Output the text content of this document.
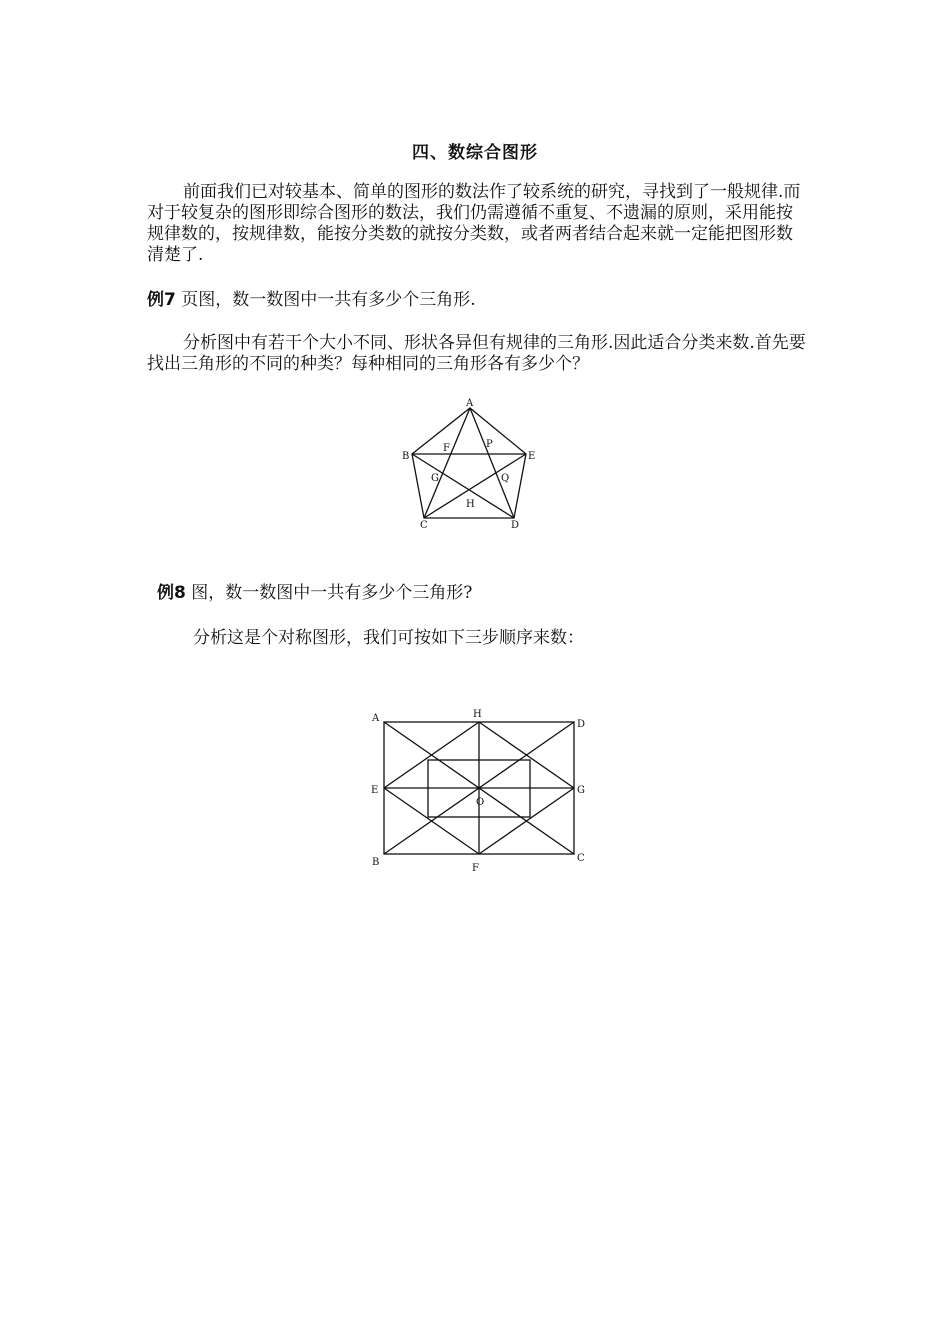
四、数综合图形
前面我们已对较基本、简单的图形的数法作了较系统的研究，寻找到了一般规律.而对于较复杂的图形即综合图形的数法，我们仍需遵循不重复、不遗漏的原则，采用能按规律数的，按规律数，能按分类数的就按分类数，或者两者结合起来就一定能把图形数清楚了.
例7 页图，数一数图中一共有多少个三角形.
分析图中有若干个大小不同、形状各异但有规律的三角形.因此适合分类来数.首先要找出三角形的不同的种类？每种相同的三角形各有多少个？
A
B	E
C	D
F	P
G	Q
H
例8 图，数一数图中一共有多少个三角形?
分析这是个对称图形，我们可按如下三步顺序来数：
A	H
D
E	G
O
B
F
C
